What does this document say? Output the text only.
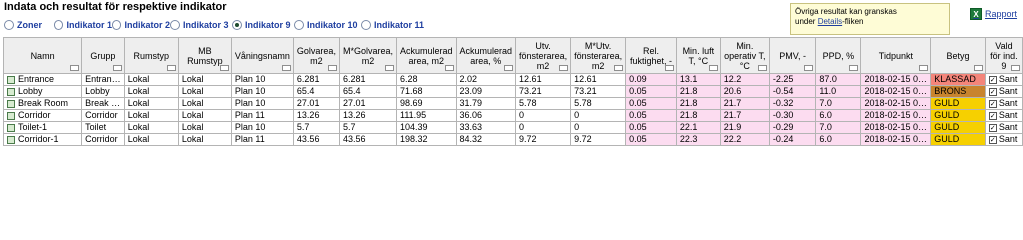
Indata och resultat för respektive indikator
Zoner	Indikator 1 Indikator 2 Indikator 3 Indikator 9 Indikator 10 Indikator 11
Övriga resultat kan granskas
under Details-fliken
X Rapport
Namn	Grupp	Rumstyp	MB Rumstyp	Våningsnamn	Golvarea, m2	M*Golvarea, m2	Ackumulerad area, m2	Ackumulerad area, %	Utv. fönsterarea, m2	M*Utv. fönsterarea, m2	Rel. fuktighet, -	Min. luft T, °C	Min. operativ T, °C	PMV, -	PPD, %	Tidpunkt	Betyg	Vald för ind. 9

Entrance	Entran…	Lokal	Lokal	Plan 10	6.281	6.281	6.28	2.02	12.61	12.61	0.09	13.1	12.2	-2.25	87.0	2018-02-15 0…	KLASSAD	✓ Sant
Lobby	Lobby	Lokal	Lokal	Plan 10	65.4	65.4	71.68	23.09	73.21	73.21	0.05	21.8	20.6	-0.54	11.0	2018-02-15 0…	BRONS	✓ Sant
Break Room	Break …	Lokal	Lokal	Plan 10	27.01	27.01	98.69	31.79	5.78	5.78	0.05	21.8	21.7	-0.32	7.0	2018-02-15 0…	GULD	✓ Sant
Corridor	Corridor	Lokal	Lokal	Plan 11	13.26	13.26	111.95	36.06	0	0	0.05	21.8	21.7	-0.30	6.0	2018-02-15 0…	GULD	✓ Sant
Toilet-1	Toilet	Lokal	Lokal	Plan 10	5.7	5.7	104.39	33.63	0	0	0.05	22.1	21.9	-0.29	7.0	2018-02-15 0…	GULD	✓ Sant
Corridor-1	Corridor	Lokal	Lokal	Plan 11	43.56	43.56	198.32	84.32	9.72	9.72	0.05	22.3	22.2	-0.24	6.0	2018-02-15 0…	GULD	✓ Sant
